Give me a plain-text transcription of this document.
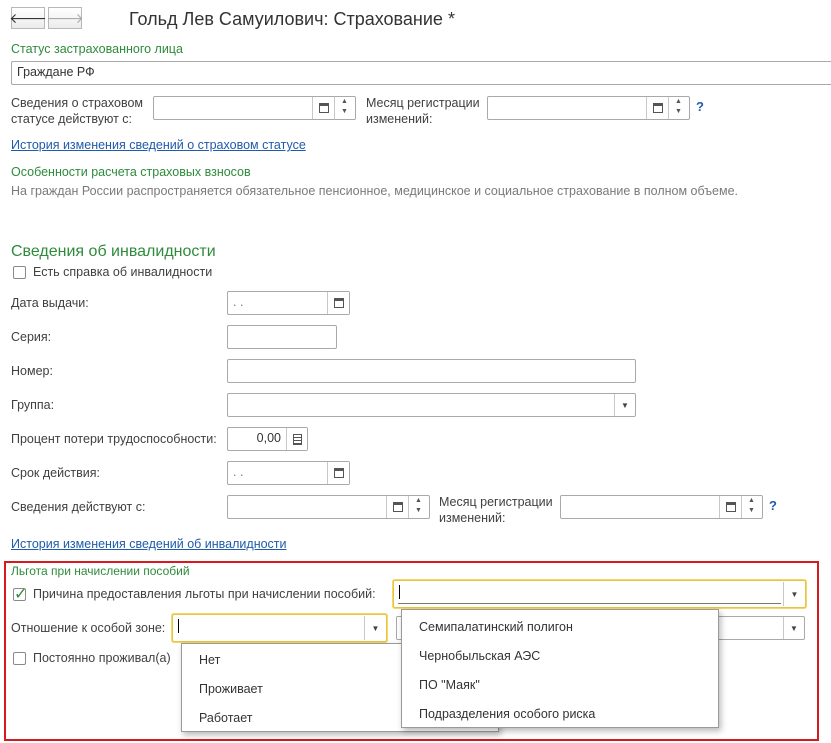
🡐 🡒	Гольд Лев Самуилович: Страхование *
Статус застрахованного лица
Граждане РФ
Сведения о страховом
статусе действуют с:
▲
▼
Месяц регистрации
изменений:
▲
▼	?
История изменения сведений о страховом статусе
Особенности расчета страховых взносов
На граждан России распространяется обязательное пенсионное, медицинское и социальное страхование в полном объеме.
Сведения об инвалидности
Есть справка об инвалидности
Дата выдачи:	. .
Серия:
Номер:
Группа:	▼
Процент потери трудоспособности:	0,00
Срок действия:	. .
Сведения действуют с:	▲
▼
Месяц регистрации
изменений:
▲
▼	?
История изменения сведений об инвалидности
Льгота при начислении пособий
✓
Причина предоставления льготы при начислении пособий:	▼
Отношение к особой зоне:	▼	▼
Постоянно проживал(а)	Нет
Проживает
Работает
Семипалатинский полигон
Чернобыльская АЭС
ПО "Маяк"
Подразделения особого риска
